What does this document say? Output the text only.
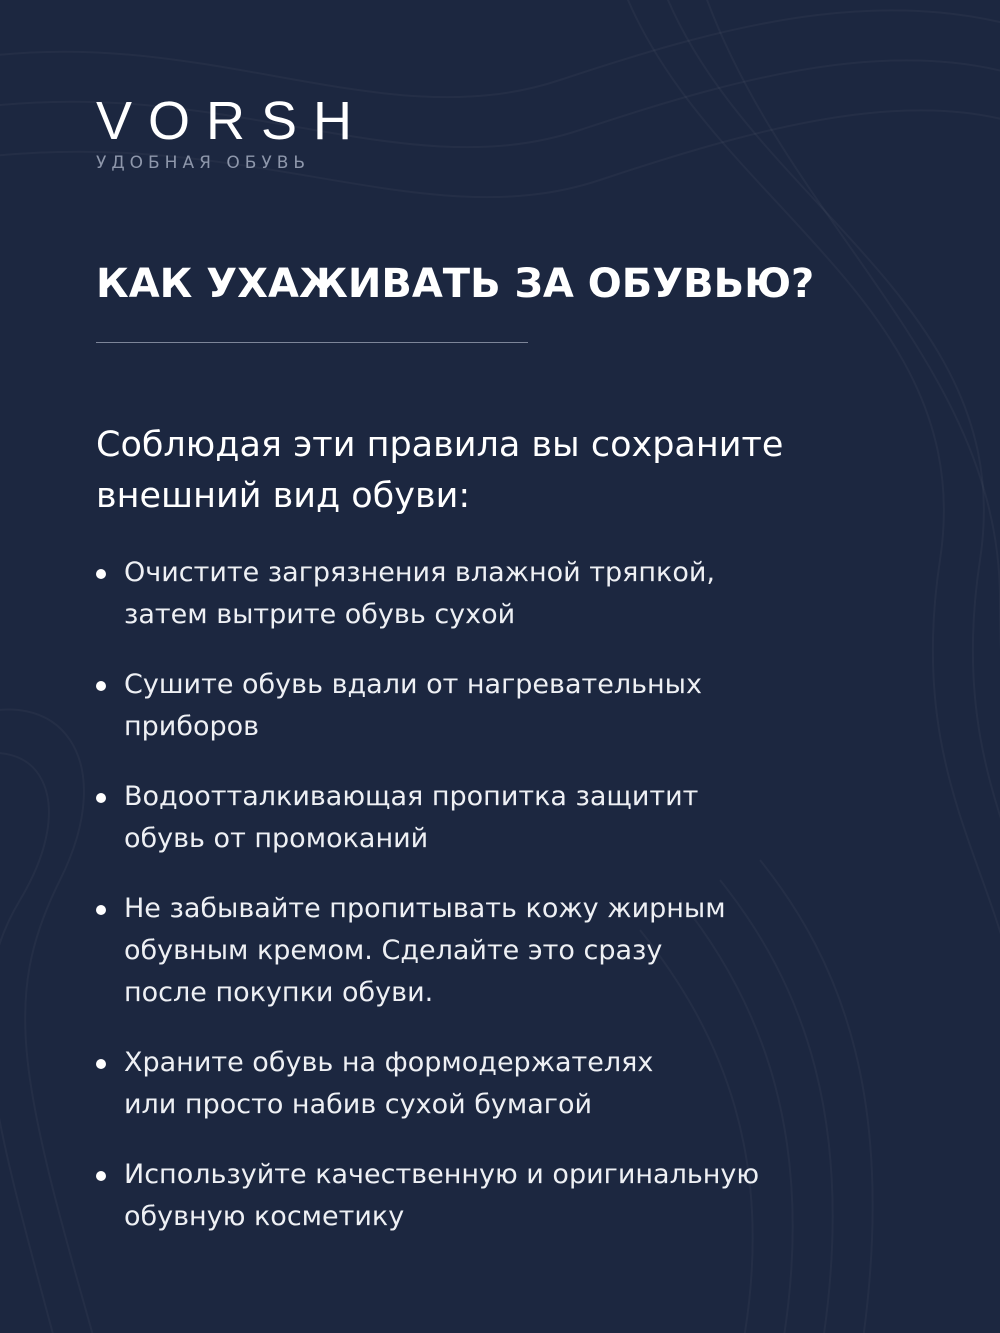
VORSH
УДОБНАЯ ОБУВЬ
КАК УХАЖИВАТЬ ЗА ОБУВЬЮ?

Соблюдая эти правила вы сохраните
внешний вид обуви:

Очистите загрязнения влажной тряпкой,
затем вытрите обувь сухой
Сушите обувь вдали от нагревательных
приборов
Водоотталкивающая пропитка защитит
обувь от промоканий
Не забывайте пропитывать кожу жирным
обувным кремом. Сделайте это сразу
после покупки обуви.
Храните обувь на формодержателях
или просто набив сухой бумагой
Используйте качественную и оригинальную
обувную косметику
